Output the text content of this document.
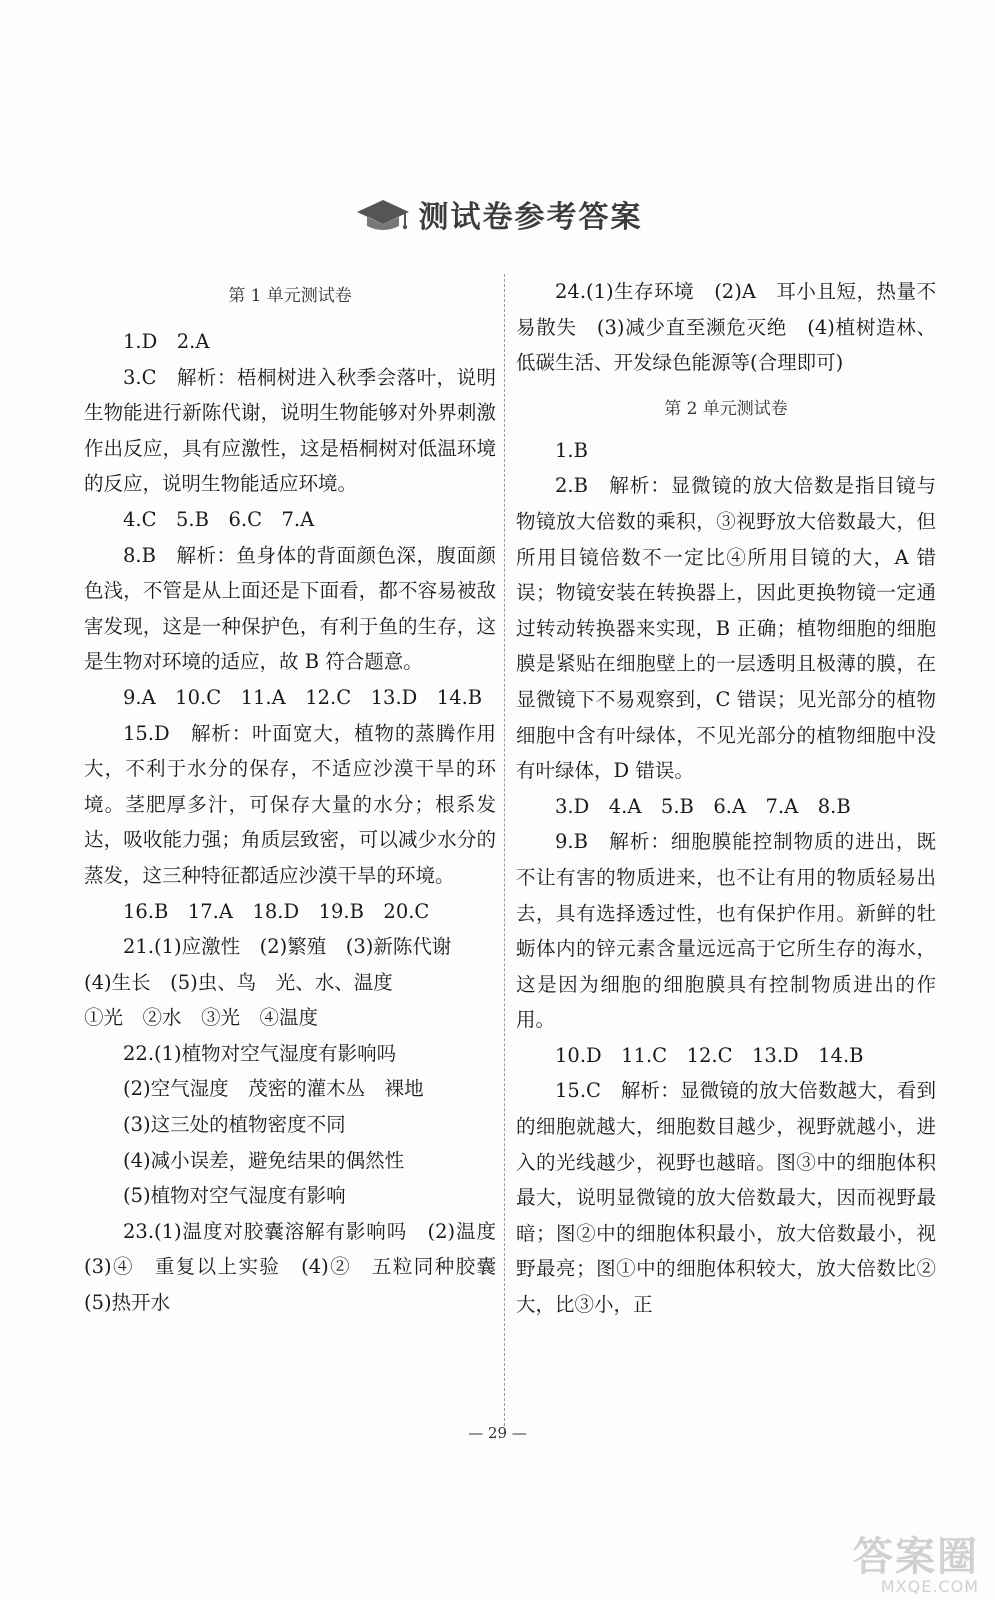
测试卷参考答案
第 1 单元测试卷

1.D　2.A

3.C　解析：梧桐树进入秋季会落叶，说明生物能进行新陈代谢，说明生物能够对外界刺激作出反应，具有应激性，这是梧桐树对低温环境的反应，说明生物能适应环境。

4.C　5.B　6.C　7.A

8.B　解析：鱼身体的背面颜色深，腹面颜色浅，不管是从上面还是下面看，都不容易被敌害发现，这是一种保护色，有利于鱼的生存，这是生物对环境的适应，故 B 符合题意。

9.A　10.C　11.A　12.C　13.D　14.B

15.D　解析：叶面宽大，植物的蒸腾作用大，不利于水分的保存，不适应沙漠干旱的环境。茎肥厚多汁，可保存大量的水分；根系发达，吸收能力强；角质层致密，可以减少水分的蒸发，这三种特征都适应沙漠干旱的环境。

16.B　17.A　18.D　19.B　20.C

21.(1)应激性　(2)繁殖　(3)新陈代谢

(4)生长　(5)虫、鸟　光、水、温度

①光　②水　③光　④温度

22.(1)植物对空气湿度有影响吗

(2)空气湿度　茂密的灌木丛　裸地

(3)这三处的植物密度不同

(4)减小误差，避免结果的偶然性

(5)植物对空气湿度有影响

23.(1)温度对胶囊溶解有影响吗　(2)温度　(3)④　重复以上实验　(4)②　五粒同种胶囊　(5)热开水

24.(1)生存环境　(2)A　耳小且短，热量不易散失　(3)减少直至濒危灭绝　(4)植树造林、低碳生活、开发绿色能源等(合理即可)

第 2 单元测试卷

1.B

2.B　解析：显微镜的放大倍数是指目镜与物镜放大倍数的乘积，③视野放大倍数最大，但所用目镜倍数不一定比④所用目镜的大，A 错误；物镜安装在转换器上，因此更换物镜一定通过转动转换器来实现，B 正确；植物细胞的细胞膜是紧贴在细胞壁上的一层透明且极薄的膜，在显微镜下不易观察到，C 错误；见光部分的植物细胞中含有叶绿体，不见光部分的植物细胞中没有叶绿体，D 错误。

3.D　4.A　5.B　6.A　7.A　8.B

9.B　解析：细胞膜能控制物质的进出，既不让有害的物质进来，也不让有用的物质轻易出去，具有选择透过性，也有保护作用。新鲜的牡蛎体内的锌元素含量远远高于它所生存的海水，这是因为细胞的细胞膜具有控制物质进出的作用。

10.D　11.C　12.C　13.D　14.B

15.C　解析：显微镜的放大倍数越大，看到的细胞就越大，细胞数目越少，视野就越小，进入的光线越少，视野也越暗。图③中的细胞体积最大，说明显微镜的放大倍数最大，因而视野最暗；图②中的细胞体积最小，放大倍数最小，视野最亮；图①中的细胞体积较大，放大倍数比②大，比③小，正

— 29 —
答案圈
MXQE.COM
